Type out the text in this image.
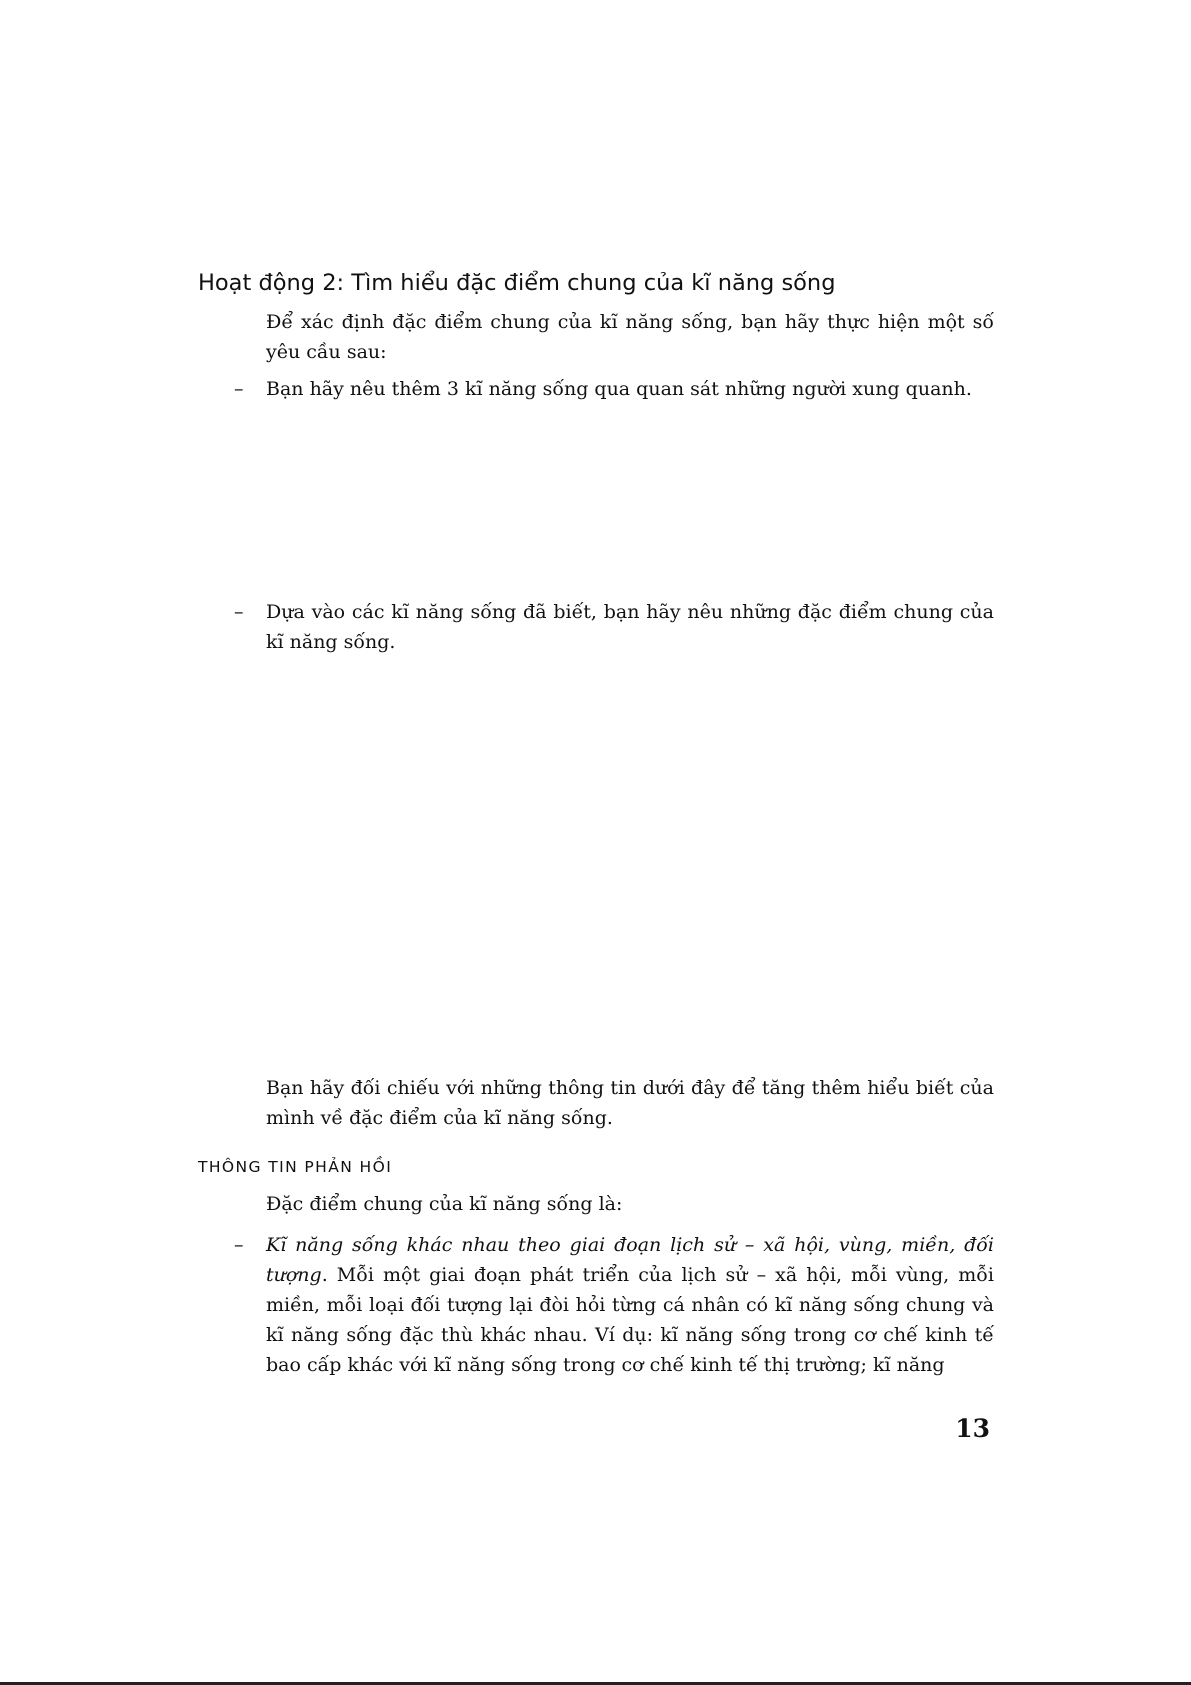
Hoạt động 2: Tìm hiểu đặc điểm chung của kĩ năng sống

Để xác định đặc điểm chung của kĩ năng sống, bạn hãy thực hiện một số yêu cầu sau:

– Bạn hãy nêu thêm 3 kĩ năng sống qua quan sát những người xung quanh.
– Dựa vào các kĩ năng sống đã biết, bạn hãy nêu những đặc điểm chung của kĩ năng sống.

Bạn hãy đối chiếu với những thông tin dưới đây để tăng thêm hiểu biết của mình về đặc điểm của kĩ năng sống.

THÔNG TIN PHẢN HỒI

Đặc điểm chung của kĩ năng sống là:

– Kĩ năng sống khác nhau theo giai đoạn lịch sử – xã hội, vùng, miền, đối tượng. Mỗi một giai đoạn phát triển của lịch sử – xã hội, mỗi vùng, mỗi miền, mỗi loại đối tượng lại đòi hỏi từng cá nhân có kĩ năng sống chung và kĩ năng sống đặc thù khác nhau. Ví dụ: kĩ năng sống trong cơ chế kinh tế bao cấp khác với kĩ năng sống trong cơ chế kinh tế thị trường; kĩ năng
13
